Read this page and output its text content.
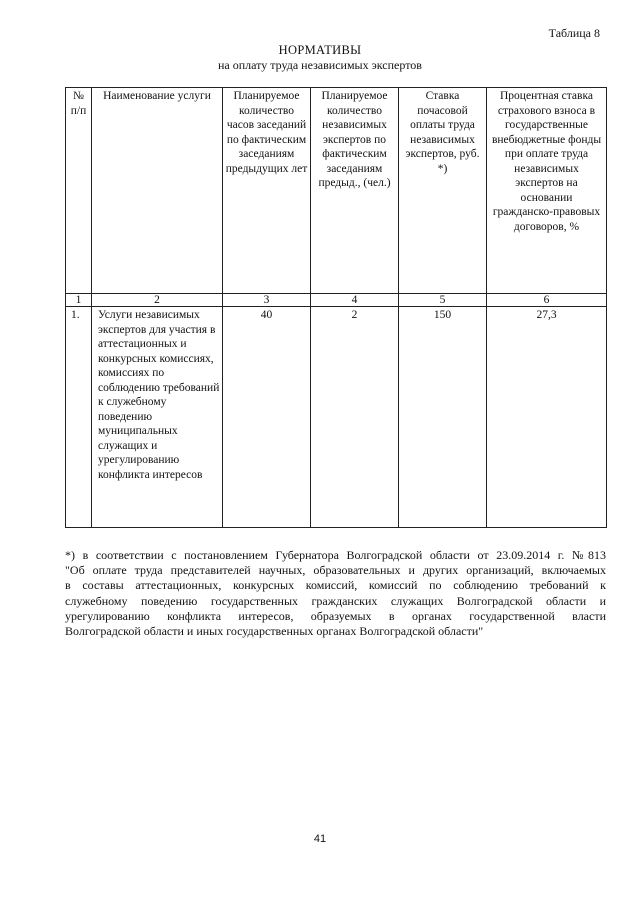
Таблица 8
НОРМАТИВЫ
на оплату труда независимых экспертов
№ п/п	Наименование услуги	Планируемое количество часов заседаний по фактическим заседаниям предыдущих лет	Планируемое количество независимых экспертов по фактическим заседаниям предыд., (чел.)	Ставка почасовой оплаты труда независимых экспертов, руб. *)	Процентная ставка страхового взноса в государственные внебюджетные фонды при оплате труда независимых экспертов на основании гражданско-правовых договоров, %
1	2	3	4	5	6
1.	Услуги независимых экспертов для участия в аттестационных и конкурсных комиссиях, комиссиях по соблюдению требований к служебному поведению муниципальных служащих и урегулированию конфликта интересов	40	2	150	27,3
*) в соответствии с постановлением Губернатора Волгоградской области от 23.09.2014 г. №813
"Об оплате труда представителей научных, образовательных и других организаций, включаемых
в составы аттестационных, конкурсных комиссий, комиссий по соблюдению требований к
служебному поведению государственных гражданских служащих Волгоградской области и
урегулированию конфликта интересов, образуемых в органах государственной власти
Волгоградской области и иных государственных органах Волгоградской области"
41
